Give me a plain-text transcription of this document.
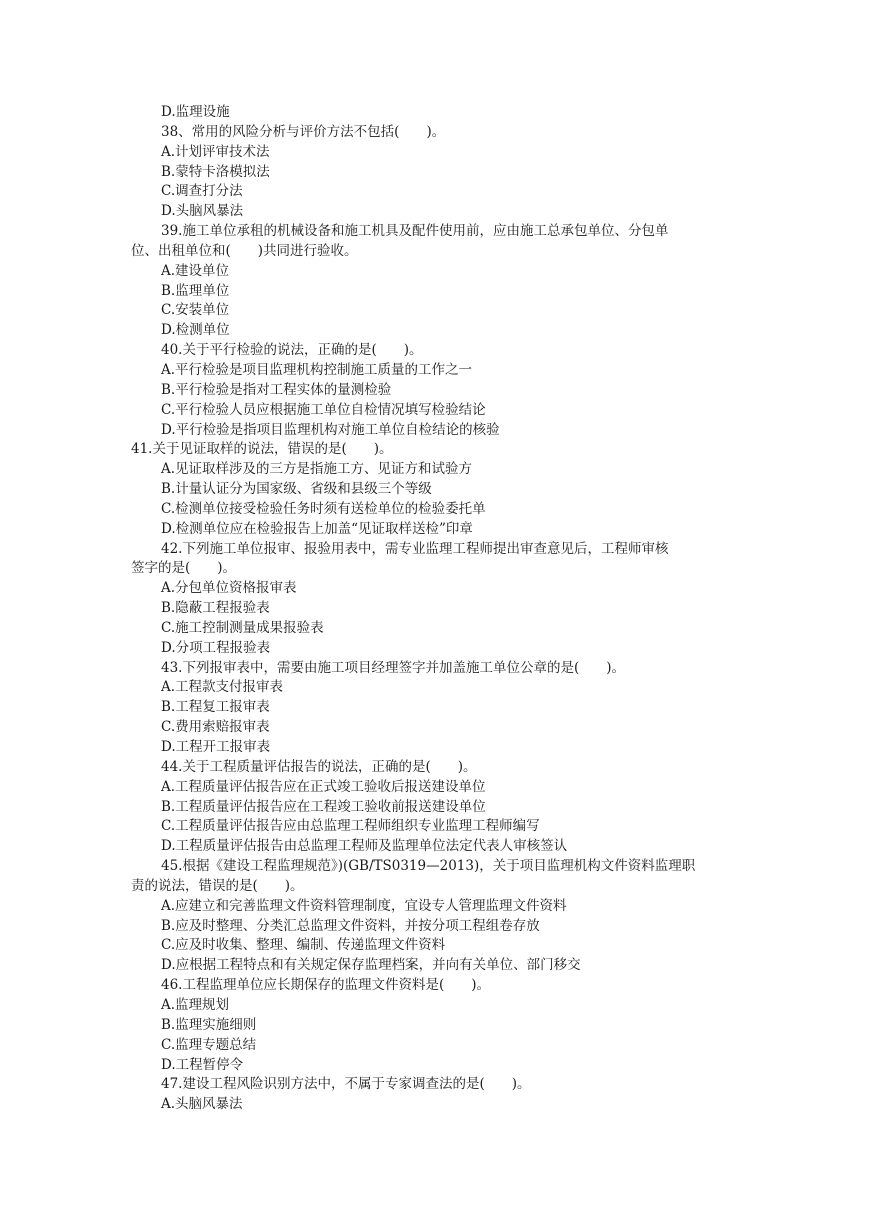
D.监理设施
38、常用的风险分析与评价方法不包括(　　)。
A.计划评审技术法
B.蒙特卡洛模拟法
C.调查打分法
D.头脑风暴法
39.施工单位承租的机械设备和施工机具及配件使用前，应由施工总承包单位、分包单
位、出租单位和(　　)共同进行验收。
A.建设单位
B.监理单位
C.安装单位
D.检测单位
40.关于平行检验的说法，正确的是(　　)。
A.平行检验是项目监理机构控制施工质量的工作之一
B.平行检验是指对工程实体的量测检验
C.平行检验人员应根据施工单位自检情况填写检验结论
D.平行检验是指项目监理机构对施工单位自检结论的核验
41.关于见证取样的说法，错误的是(　　)。
A.见证取样涉及的三方是指施工方、见证方和试验方
B.计量认证分为国家级、省级和县级三个等级
C.检测单位接受检验任务时须有送检单位的检验委托单
D.检测单位应在检验报告上加盖“见证取样送检”印章
42.下列施工单位报审、报验用表中，需专业监理工程师提出审查意见后，工程师审核
签字的是(　　)。
A.分包单位资格报审表
B.隐蔽工程报验表
C.施工控制测量成果报验表
D.分项工程报验表
43.下列报审表中，需要由施工项目经理签字并加盖施工单位公章的是(　　)。
A.工程款支付报审表
B.工程复工报审表
C.费用索赔报审表
D.工程开工报审表
44.关于工程质量评估报告的说法，正确的是(　　)。
A.工程质量评估报告应在正式竣工验收后报送建设单位
B.工程质量评估报告应在工程竣工验收前报送建设单位
C.工程质量评估报告应由总监理工程师组织专业监理工程师编写
D.工程质量评估报告由总监理工程师及监理单位法定代表人审核签认
45.根据《建设工程监理规范》)(GB/TS0319—2013)，关于项目监理机构文件资料监理职
责的说法，错误的是(　　)。
A.应建立和完善监理文件资料管理制度，宜设专人管理监理文件资料
B.应及时整理、分类汇总监理文件资料，并按分项工程组卷存放
C.应及时收集、整理、编制、传递监理文件资料
D.应根据工程特点和有关规定保存监理档案，并向有关单位、部门移交
46.工程监理单位应长期保存的监理文件资料是(　　)。
A.监理规划
B.监理实施细则
C.监理专题总结
D.工程暂停令
47.建设工程风险识别方法中，不属于专家调查法的是(　　)。
A.头脑风暴法
